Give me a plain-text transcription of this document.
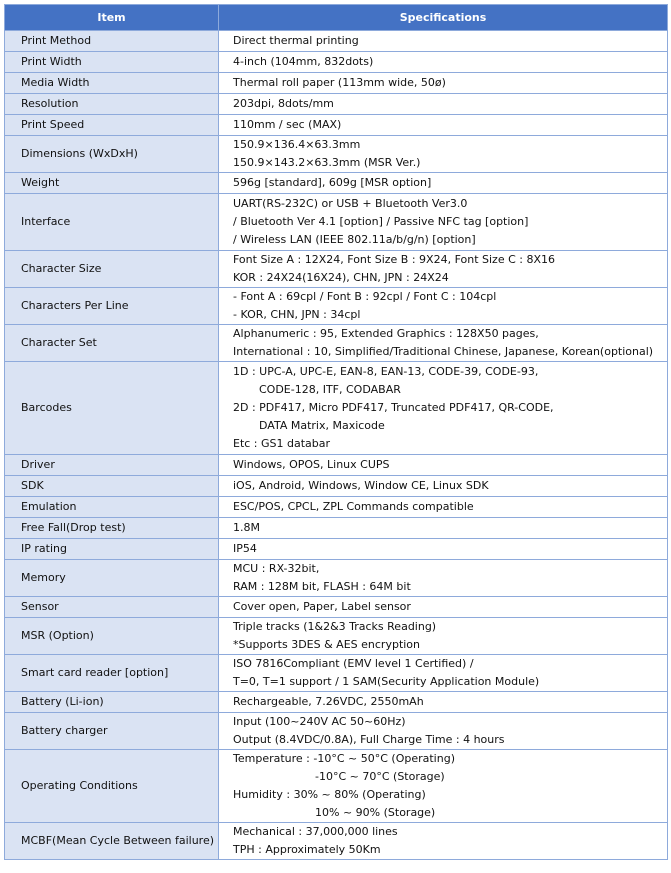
Item	Specifications
Print Method	Direct thermal printing

Print Width	4-inch (104mm, 832dots)

Media Width	Thermal roll paper (113mm wide, 50ø)

Resolution	203dpi, 8dots/mm

Print Speed	110mm / sec (MAX)

Dimensions (WxDxH)	150.9×136.4×63.3mm
150.9×143.2×63.3mm (MSR Ver.)

Weight	596g [standard], 609g [MSR option]

Interface	UART(RS-232C) or USB + Bluetooth Ver3.0
/ Bluetooth Ver 4.1 [option] / Passive NFC tag [option]
/ Wireless LAN (IEEE 802.11a/b/g/n) [option]

Character Size	Font Size A : 12X24, Font Size B : 9X24, Font Size C : 8X16
KOR : 24X24(16X24), CHN, JPN : 24X24

Characters Per Line	- Font A : 69cpl / Font B : 92cpl / Font C : 104cpl
- KOR, CHN, JPN : 34cpl

Character Set	Alphanumeric : 95, Extended Graphics : 128X50 pages,
International : 10, Simplified/Traditional Chinese, Japanese, Korean(optional)

Barcodes	1D : UPC-A, UPC-E, EAN-8, EAN-13, CODE-39, CODE-93,
CODE-128, ITF, CODABAR
2D : PDF417, Micro PDF417, Truncated PDF417, QR-CODE,
DATA Matrix, Maxicode
Etc : GS1 databar

Driver	Windows, OPOS, Linux CUPS

SDK	iOS, Android, Windows, Window CE, Linux SDK

Emulation	ESC/POS, CPCL, ZPL Commands compatible

Free Fall(Drop test)	1.8M

IP rating	IP54

Memory	MCU : RX-32bit,
RAM : 128M bit, FLASH : 64M bit

Sensor	Cover open, Paper, Label sensor

MSR (Option)	Triple tracks (1&2&3 Tracks Reading)
*Supports 3DES & AES encryption

Smart card reader [option]	ISO 7816Compliant (EMV level 1 Certified) /
T=0, T=1 support / 1 SAM(Security Application Module)

Battery (Li-ion)	Rechargeable, 7.26VDC, 2550mAh

Battery charger	Input (100~240V AC 50~60Hz)
Output (8.4VDC/0.8A), Full Charge Time : 4 hours

Operating Conditions	Temperature : -10°C ~ 50°C (Operating)
-10°C ~ 70°C (Storage)
Humidity : 30% ~ 80% (Operating)
10% ~ 90% (Storage)

MCBF(Mean Cycle Between failure)	Mechanical : 37,000,000 lines
TPH : Approximately 50Km
